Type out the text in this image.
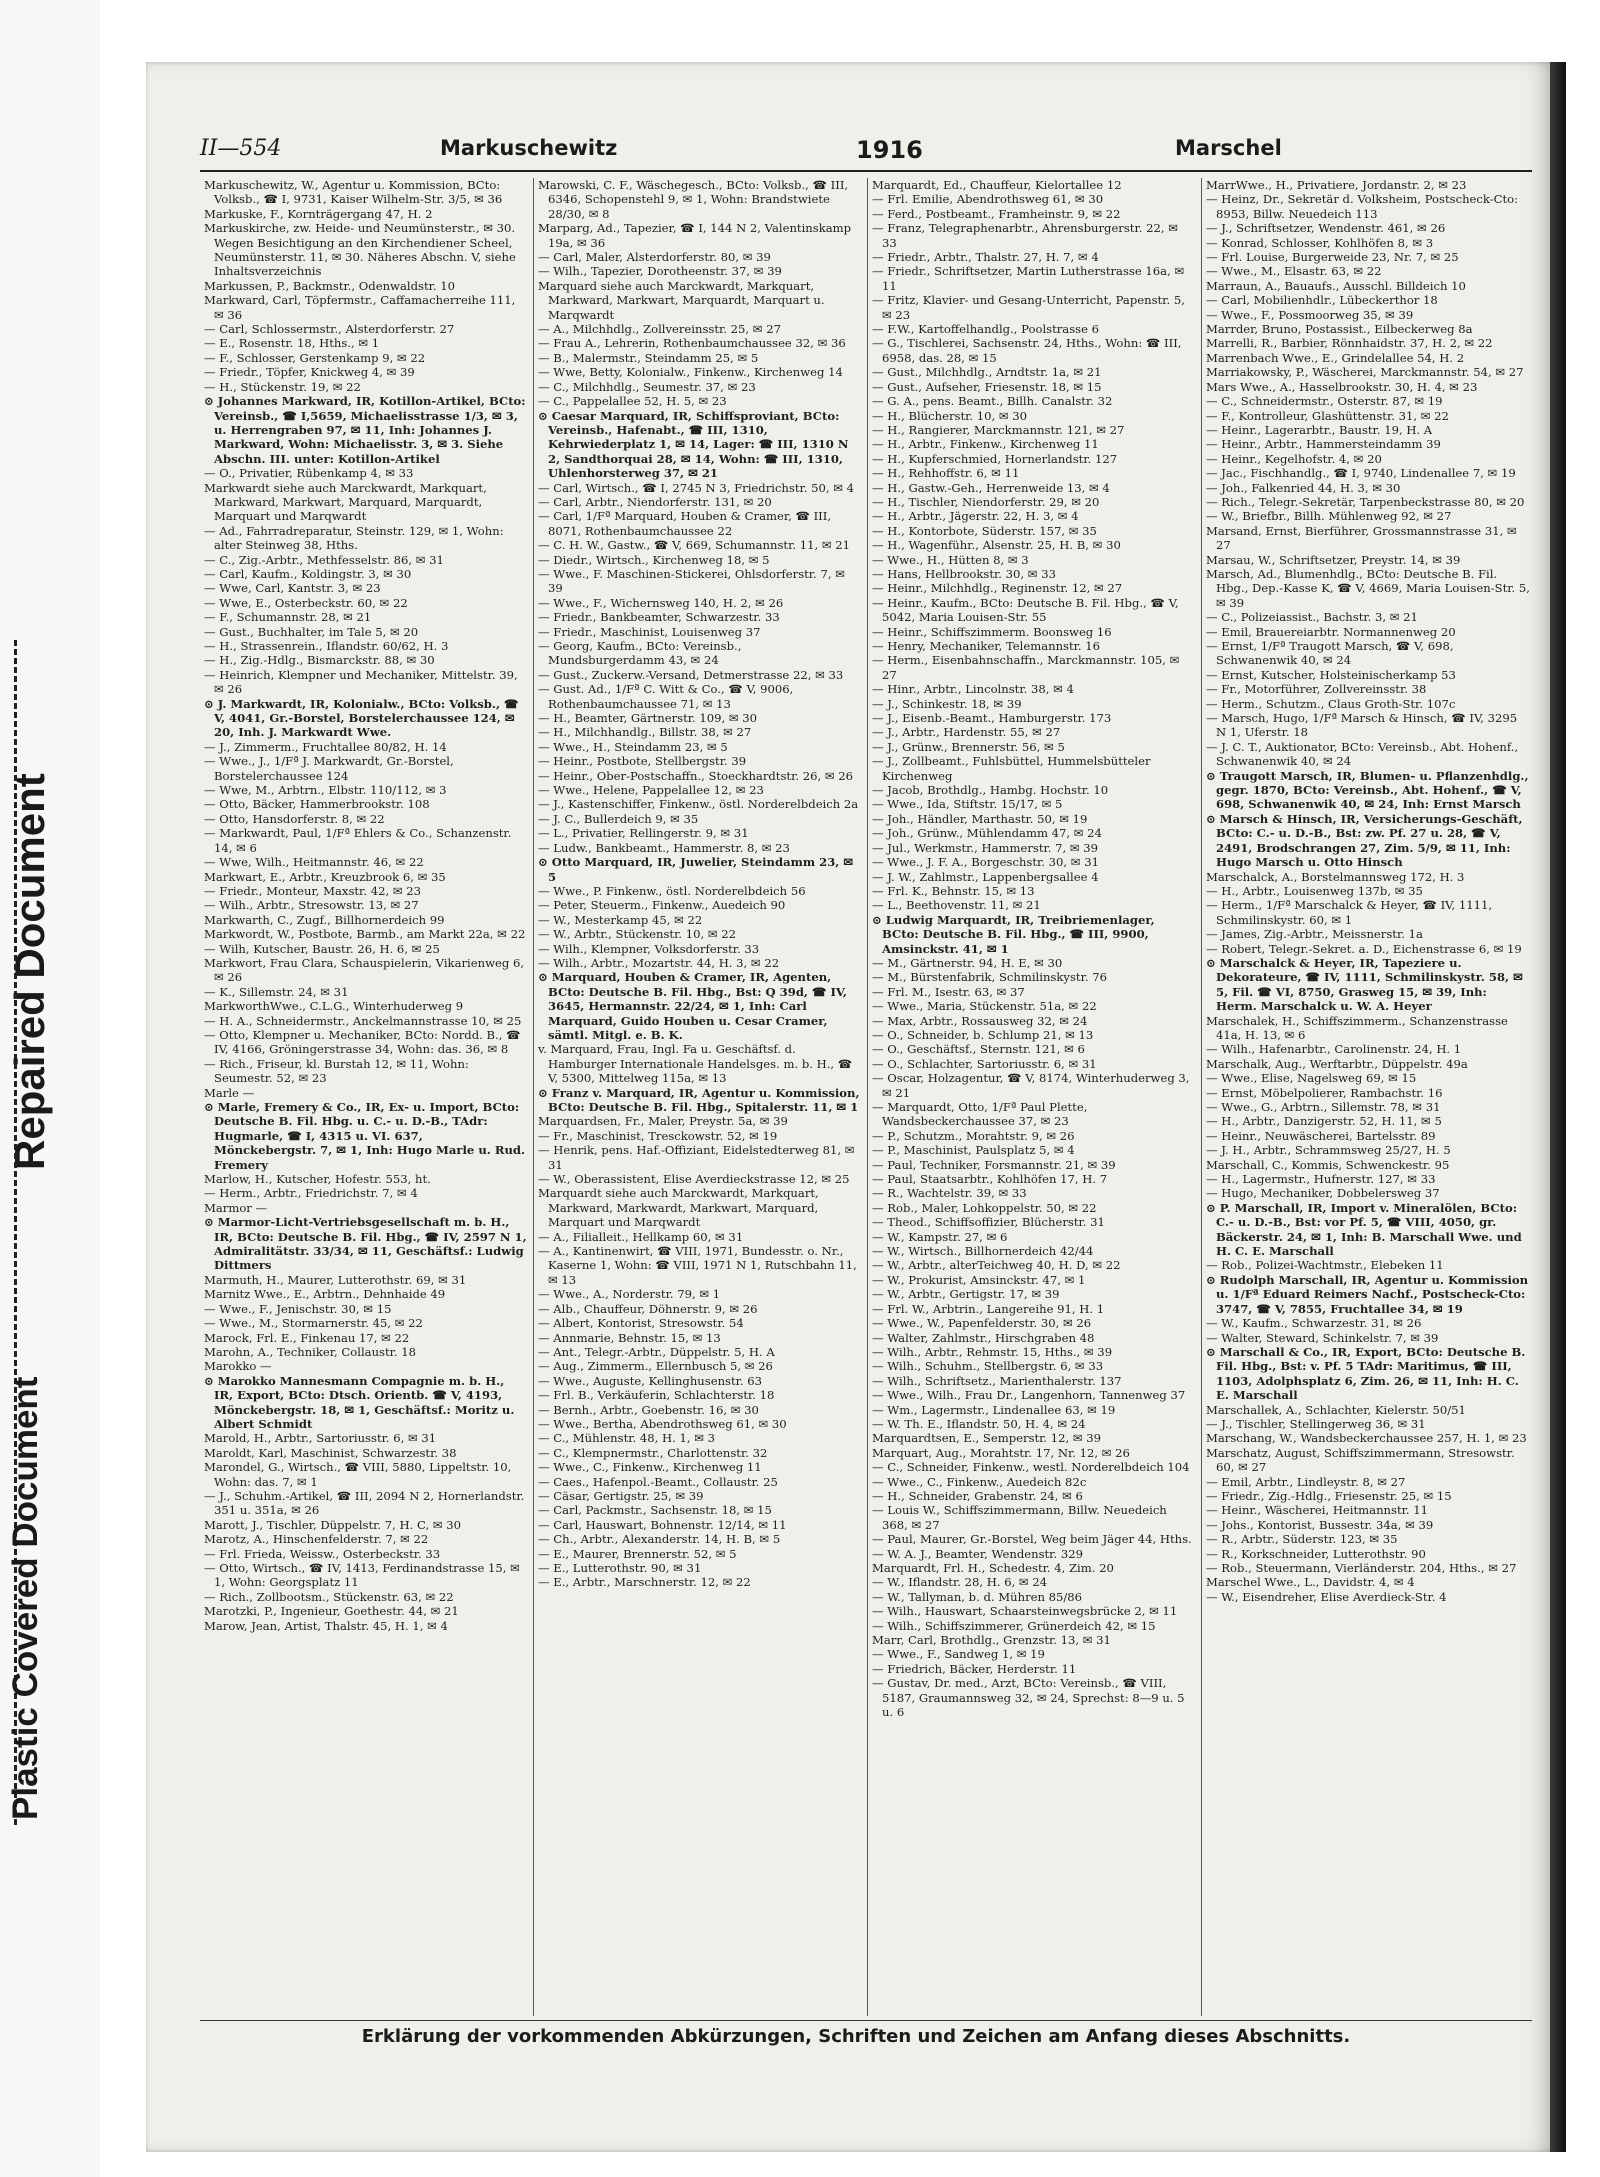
Repaired Document
Plastic Covered Document
II—554	Markuschewitz	1916	Marschel

Markuschewitz, W., Agentur u. Kommission, BCto: Volksb., ☎ I, 9731, Kaiser Wilhelm-Str. 3/5, ✉ 36

Markuske, F., Kornträgergang 47, H. 2

Markuskirche, zw. Heide- und Neumünsterstr., ✉ 30. Wegen Besichtigung an den Kirchendiener Scheel, Neumünsterstr. 11, ✉ 30. Näheres Abschn. V, siehe Inhaltsverzeichnis

Markussen, P., Backmstr., Odenwaldstr. 10

Markward, Carl, Töpfermstr., Caffamacherreihe 111, ✉ 36

— Carl, Schlossermstr., Alsterdorferstr. 27

— E., Rosenstr. 18, Hths., ✉ 1

— F., Schlosser, Gerstenkamp 9, ✉ 22

— Friedr., Töpfer, Knickweg 4, ✉ 39

— H., Stückenstr. 19, ✉ 22

⊙ Johannes Markward, IR, Kotillon-Artikel, BCto: Vereinsb., ☎ I,5659, Michaelisstrasse 1/3, ✉ 3, u. Herrengraben 97, ✉ 11, Inh: Johannes J. Markward, Wohn: Michaelisstr. 3, ✉ 3. Siehe Abschn. III. unter: Kotillon-Artikel

— O., Privatier, Rübenkamp 4, ✉ 33

Markwardt siehe auch Marckwardt, Markquart, Markward, Markwart, Marquard, Marquardt, Marquart und Marqwardt

— Ad., Fahrradreparatur, Steinstr. 129, ✉ 1, Wohn: alter Steinweg 38, Hths.

— C., Zig.-Arbtr., Methfesselstr. 86, ✉ 31

— Carl, Kaufm., Koldingstr. 3, ✉ 30

— Wwe, Carl, Kantstr. 3, ✉ 23

— Wwe, E., Osterbeckstr. 60, ✉ 22

— F., Schumannstr. 28, ✉ 21

— Gust., Buchhalter, im Tale 5, ✉ 20

— H., Strassenrein., Iflandstr. 60/62, H. 3

— H., Zig.-Hdlg., Bismarckstr. 88, ✉ 30

— Heinrich, Klempner und Mechaniker, Mittelstr. 39, ✉ 26

⊙ J. Markwardt, IR, Kolonialw., BCto: Volksb., ☎ V, 4041, Gr.-Borstel, Borstelerchaussee 124, ✉ 20, Inh. J. Markwardt Wwe.

— J., Zimmerm., Fruchtallee 80/82, H. 14

— Wwe., J., 1/Fª J. Markwardt, Gr.-Borstel, Borstelerchaussee 124

— Wwe, M., Arbtrn., Elbstr. 110/112, ✉ 3

— Otto, Bäcker, Hammerbrookstr. 108

— Otto, Hansdorferstr. 8, ✉ 22

— Markwardt, Paul, 1/Fª Ehlers & Co., Schanzenstr. 14, ✉ 6

— Wwe, Wilh., Heitmannstr. 46, ✉ 22

Markwart, E., Arbtr., Kreuzbrook 6, ✉ 35

— Friedr., Monteur, Maxstr. 42, ✉ 23

— Wilh., Arbtr., Stresowstr. 13, ✉ 27

Markwarth, C., Zugf., Billhornerdeich 99

Markwordt, W., Postbote, Barmb., am Markt 22a, ✉ 22

— Wilh, Kutscher, Baustr. 26, H. 6, ✉ 25

Markwort, Frau Clara, Schauspielerin, Vikarienweg 6, ✉ 26

— K., Sillemstr. 24, ✉ 31

MarkworthWwe., C.L.G., Winterhuderweg 9

— H. A., Schneidermstr., Anckelmannstrasse 10, ✉ 25

— Otto, Klempner u. Mechaniker, BCto: Nordd. B., ☎ IV, 4166, Gröningerstrasse 34, Wohn: das. 36, ✉ 8

— Rich., Friseur, kl. Burstah 12, ✉ 11, Wohn: Seumestr. 52, ✉ 23

Marle —

⊙ Marle, Fremery & Co., IR, Ex- u. Import, BCto: Deutsche B. Fil. Hbg. u. C.- u. D.-B., TAdr: Hugmarle, ☎ I, 4315 u. VI. 637, Mönckebergstr. 7, ✉ 1, Inh: Hugo Marle u. Rud. Fremery

Marlow, H., Kutscher, Hofestr. 553, ht.

— Herm., Arbtr., Friedrichstr. 7, ✉ 4

Marmor —

⊙ Marmor-Licht-Vertriebsgesellschaft m. b. H., IR, BCto: Deutsche B. Fil. Hbg., ☎ IV, 2597 N 1, Admiralitätstr. 33/34, ✉ 11, Geschäftsf.: Ludwig Dittmers

Marmuth, H., Maurer, Lutterothstr. 69, ✉ 31

Marnitz Wwe., E., Arbtrn., Dehnhaide 49

— Wwe., F., Jenischstr. 30, ✉ 15

— Wwe., M., Stormarnerstr. 45, ✉ 22

Marock, Frl. E., Finkenau 17, ✉ 22

Marohn, A., Techniker, Collaustr. 18

Marokko —

⊙ Marokko Mannesmann Compagnie m. b. H., IR, Export, BCto: Dtsch. Orientb. ☎ V, 4193, Mönckebergstr. 18, ✉ 1, Geschäftsf.: Moritz u. Albert Schmidt

Marold, H., Arbtr., Sartoriusstr. 6, ✉ 31

Maroldt, Karl, Maschinist, Schwarzestr. 38

Marondel, G., Wirtsch., ☎ VIII, 5880, Lippeltstr. 10, Wohn: das. 7, ✉ 1

— J., Schuhm.-Artikel, ☎ III, 2094 N 2, Hornerlandstr. 351 u. 351a, ✉ 26

Marott, J., Tischler, Düppelstr. 7, H. C, ✉ 30

Marotz, A., Hinschenfelderstr. 7, ✉ 22

— Frl. Frieda, Weissw., Osterbeckstr. 33

— Otto, Wirtsch., ☎ IV, 1413, Ferdinandstrasse 15, ✉ 1, Wohn: Georgsplatz 11

— Rich., Zollbootsm., Stückenstr. 63, ✉ 22

Marotzki, P., Ingenieur, Goethestr. 44, ✉ 21

Marow, Jean, Artist, Thalstr. 45, H. 1, ✉ 4

Marowski, C. F., Wäschegesch., BCto: Volksb., ☎ III, 6346, Schopenstehl 9, ✉ 1, Wohn: Brandstwiete 28/30, ✉ 8

Marparg, Ad., Tapezier, ☎ I, 144 N 2, Valentinskamp 19a, ✉ 36

— Carl, Maler, Alsterdorferstr. 80, ✉ 39

— Wilh., Tapezier, Dorotheenstr. 37, ✉ 39

Marquard siehe auch Marckwardt, Markquart, Markward, Markwart, Marquardt, Marquart u. Marqwardt

— A., Milchhdlg., Zollvereinsstr. 25, ✉ 27

— Frau A., Lehrerin, Rothenbaumchaussee 32, ✉ 36

— B., Malermstr., Steindamm 25, ✉ 5

— Wwe, Betty, Kolonialw., Finkenw., Kirchenweg 14

— C., Milchhdlg., Seumestr. 37, ✉ 23

— C., Pappelallee 52, H. 5, ✉ 23

⊙ Caesar Marquard, IR, Schiffsproviant, BCto: Vereinsb., Hafenabt., ☎ III, 1310, Kehrwiederplatz 1, ✉ 14, Lager: ☎ III, 1310 N 2, Sandthorquai 28, ✉ 14, Wohn: ☎ III, 1310, Uhlenhorsterweg 37, ✉ 21

— Carl, Wirtsch., ☎ I, 2745 N 3, Friedrichstr. 50, ✉ 4

— Carl, Arbtr., Niendorferstr. 131, ✉ 20

— Carl, 1/Fª Marquard, Houben & Cramer, ☎ III, 8071, Rothenbaumchaussee 22

— C. H. W., Gastw., ☎ V, 669, Schumannstr. 11, ✉ 21

— Diedr., Wirtsch., Kirchenweg 18, ✉ 5

— Wwe., F. Maschinen-Stickerei, Ohlsdorferstr. 7, ✉ 39

— Wwe., F., Wichernsweg 140, H. 2, ✉ 26

— Friedr., Bankbeamter, Schwarzestr. 33

— Friedr., Maschinist, Louisenweg 37

— Georg, Kaufm., BCto: Vereinsb., Mundsburgerdamm 43, ✉ 24

— Gust., Zuckerw.-Versand, Detmerstrasse 22, ✉ 33

— Gust. Ad., 1/Fª C. Witt & Co., ☎ V, 9006, Rothenbaumchaussee 71, ✉ 13

— H., Beamter, Gärtnerstr. 109, ✉ 30

— H., Milchhandlg., Billstr. 38, ✉ 27

— Wwe., H., Steindamm 23, ✉ 5

— Heinr., Postbote, Stellbergstr. 39

— Heinr., Ober-Postschaffn., Stoeckhardtstr. 26, ✉ 26

— Wwe., Helene, Pappelallee 12, ✉ 23

— J., Kastenschiffer, Finkenw., östl. Norderelbdeich 2a

— J. C., Bullerdeich 9, ✉ 35

— L., Privatier, Rellingerstr. 9, ✉ 31

— Ludw., Bankbeamt., Hammerstr. 8, ✉ 23

⊙ Otto Marquard, IR, Juwelier, Steindamm 23, ✉ 5

— Wwe., P. Finkenw., östl. Norderelbdeich 56

— Peter, Steuerm., Finkenw., Auedeich 90

— W., Mesterkamp 45, ✉ 22

— W., Arbtr., Stückenstr. 10, ✉ 22

— Wilh., Klempner, Volksdorferstr. 33

— Wilh., Arbtr., Mozartstr. 44, H. 3, ✉ 22

⊙ Marquard, Houben & Cramer, IR, Agenten, BCto: Deutsche B. Fil. Hbg., Bst: Q 39d, ☎ IV, 3645, Hermannstr. 22/24, ✉ 1, Inh: Carl Marquard, Guido Houben u. Cesar Cramer, sämtl. Mitgl. e. B. K.

v. Marquard, Frau, Ingl. Fa u. Geschäftsf. d. Hamburger Internationale Handelsges. m. b. H., ☎ V, 5300, Mittelweg 115a, ✉ 13

⊙ Franz v. Marquard, IR, Agentur u. Kommission, BCto: Deutsche B. Fil. Hbg., Spitalerstr. 11, ✉ 1

Marquardsen, Fr., Maler, Preystr. 5a, ✉ 39

— Fr., Maschinist, Tresckowstr. 52, ✉ 19

— Henrik, pens. Haf.-Offiziant, Eidelstedterweg 81, ✉ 31

— W., Oberassistent, Elise Averdieckstrasse 12, ✉ 25

Marquardt siehe auch Marckwardt, Markquart, Markward, Markwardt, Markwart, Marquard, Marquart und Marqwardt

— A., Filialleit., Hellkamp 60, ✉ 31

— A., Kantinenwirt, ☎ VIII, 1971, Bundesstr. o. Nr., Kaserne 1, Wohn: ☎ VIII, 1971 N 1, Rutschbahn 11, ✉ 13

— Wwe., A., Norderstr. 79, ✉ 1

— Alb., Chauffeur, Döhnerstr. 9, ✉ 26

— Albert, Kontorist, Stresowstr. 54

— Annmarie, Behnstr. 15, ✉ 13

— Ant., Telegr.-Arbtr., Düppelstr. 5, H. A

— Aug., Zimmerm., Ellernbusch 5, ✉ 26

— Wwe., Auguste, Kellinghusenstr. 63

— Frl. B., Verkäuferin, Schlachterstr. 18

— Bernh., Arbtr., Goebenstr. 16, ✉ 30

— Wwe., Bertha, Abendrothsweg 61, ✉ 30

— C., Mühlenstr. 48, H. 1, ✉ 3

— C., Klempnermstr., Charlottenstr. 32

— Wwe., C., Finkenw., Kirchenweg 11

— Caes., Hafenpol.-Beamt., Collaustr. 25

— Cäsar, Gertigstr. 25, ✉ 39

— Carl, Packmstr., Sachsenstr. 18, ✉ 15

— Carl, Hauswart, Bohnenstr. 12/14, ✉ 11

— Ch., Arbtr., Alexanderstr. 14, H. B, ✉ 5

— E., Maurer, Brennerstr. 52, ✉ 5

— E., Lutterothstr. 90, ✉ 31

— E., Arbtr., Marschnerstr. 12, ✉ 22

Marquardt, Ed., Chauffeur, Kielortallee 12

— Frl. Emilie, Abendrothsweg 61, ✉ 30

— Ferd., Postbeamt., Framheinstr. 9, ✉ 22

— Franz, Telegraphenarbtr., Ahrensburgerstr. 22, ✉ 33

— Friedr., Arbtr., Thalstr. 27, H. 7, ✉ 4

— Friedr., Schriftsetzer, Martin Lutherstrasse 16a, ✉ 11

— Fritz, Klavier- und Gesang-Unterricht, Papenstr. 5, ✉ 23

— F.W., Kartoffelhandlg., Poolstrasse 6

— G., Tischlerei, Sachsenstr. 24, Hths., Wohn: ☎ III, 6958, das. 28, ✉ 15

— Gust., Milchhdlg., Arndtstr. 1a, ✉ 21

— Gust., Aufseher, Friesenstr. 18, ✉ 15

— G. A., pens. Beamt., Billh. Canalstr. 32

— H., Blücherstr. 10, ✉ 30

— H., Rangierer, Marckmannstr. 121, ✉ 27

— H., Arbtr., Finkenw., Kirchenweg 11

— H., Kupferschmied, Hornerlandstr. 127

— H., Rehhoffstr. 6, ✉ 11

— H., Gastw.-Geh., Herrenweide 13, ✉ 4

— H., Tischler, Niendorferstr. 29, ✉ 20

— H., Arbtr., Jägerstr. 22, H. 3, ✉ 4

— H., Kontorbote, Süderstr. 157, ✉ 35

— H., Wagenführ., Alsenstr. 25, H. B, ✉ 30

— Wwe., H., Hütten 8, ✉ 3

— Hans, Hellbrookstr. 30, ✉ 33

— Heinr., Milchhdlg., Reginenstr. 12, ✉ 27

— Heinr., Kaufm., BCto: Deutsche B. Fil. Hbg., ☎ V, 5042, Maria Louisen-Str. 55

— Heinr., Schiffszimmerm. Boonsweg 16

— Henry, Mechaniker, Telemannstr. 16

— Herm., Eisenbahnschaffn., Marckmannstr. 105, ✉ 27

— Hinr., Arbtr., Lincolnstr. 38, ✉ 4

— J., Schinkestr. 18, ✉ 39

— J., Eisenb.-Beamt., Hamburgerstr. 173

— J., Arbtr., Hardenstr. 55, ✉ 27

— J., Grünw., Brennerstr. 56, ✉ 5

— J., Zollbeamt., Fuhlsbüttel, Hummelsbütteler Kirchenweg

— Jacob, Brothdlg., Hambg. Hochstr. 10

— Wwe., Ida, Stiftstr. 15/17, ✉ 5

— Joh., Händler, Marthastr. 50, ✉ 19

— Joh., Grünw., Mühlendamm 47, ✉ 24

— Jul., Werkmstr., Hammerstr. 7, ✉ 39

— Wwe., J. F. A., Borgeschstr. 30, ✉ 31

— J. W., Zahlmstr., Lappenbergsallee 4

— Frl. K., Behnstr. 15, ✉ 13

— L., Beethovenstr. 11, ✉ 21

⊙ Ludwig Marquardt, IR, Treibriemenlager, BCto: Deutsche B. Fil. Hbg., ☎ III, 9900, Amsinckstr. 41, ✉ 1

— M., Gärtnerstr. 94, H. E, ✉ 30

— M., Bürstenfabrik, Schmilinskystr. 76

— Frl. M., Isestr. 63, ✉ 37

— Wwe., Maria, Stückenstr. 51a, ✉ 22

— Max, Arbtr., Rossausweg 32, ✉ 24

— O., Schneider, b. Schlump 21, ✉ 13

— O., Geschäftsf., Sternstr. 121, ✉ 6

— O., Schlachter, Sartoriusstr. 6, ✉ 31

— Oscar, Holzagentur, ☎ V, 8174, Winterhuderweg 3, ✉ 21

— Marquardt, Otto, 1/Fª Paul Plette, Wandsbeckerchaussee 37, ✉ 23

— P., Schutzm., Morahtstr. 9, ✉ 26

— P., Maschinist, Paulsplatz 5, ✉ 4

— Paul, Techniker, Forsmannstr. 21, ✉ 39

— Paul, Staatsarbtr., Kohlhöfen 17, H. 7

— R., Wachtelstr. 39, ✉ 33

— Rob., Maler, Lohkoppelstr. 50, ✉ 22

— Theod., Schiffsoffizier, Blücherstr. 31

— W., Kampstr. 27, ✉ 6

— W., Wirtsch., Billhornerdeich 42/44

— W., Arbtr., alterTeichweg 40, H. D, ✉ 22

— W., Prokurist, Amsinckstr. 47, ✉ 1

— W., Arbtr., Gertigstr. 17, ✉ 39

— Frl. W., Arbtrin., Langereihe 91, H. 1

— Wwe., W., Papenfelderstr. 30, ✉ 26

— Walter, Zahlmstr., Hirschgraben 48

— Wilh., Arbtr., Rehmstr. 15, Hths., ✉ 39

— Wilh., Schuhm., Stellbergstr. 6, ✉ 33

— Wilh., Schriftsetz., Marienthalerstr. 137

— Wwe., Wilh., Frau Dr., Langenhorn, Tannenweg 37

— Wm., Lagermstr., Lindenallee 63, ✉ 19

— W. Th. E., Iflandstr. 50, H. 4, ✉ 24

Marquardtsen, E., Semperstr. 12, ✉ 39

Marquart, Aug., Morahtstr. 17, Nr. 12, ✉ 26

— C., Schneider, Finkenw., westl. Norderelbdeich 104

— Wwe., C., Finkenw., Auedeich 82c

— H., Schneider, Grabenstr. 24, ✉ 6

— Louis W., Schiffszimmermann, Billw. Neuedeich 368, ✉ 27

— Paul, Maurer, Gr.-Borstel, Weg beim Jäger 44, Hths.

— W. A. J., Beamter, Wendenstr. 329

Marquardt, Frl. H., Schedestr. 4, Zim. 20

— W., Iflandstr. 28, H. 6, ✉ 24

— W., Tallyman, b. d. Mühren 85/86

— Wilh., Hauswart, Schaarsteinwegsbrücke 2, ✉ 11

— Wilh., Schiffszimmerer, Grünerdeich 42, ✉ 15

Marr, Carl, Brothdlg., Grenzstr. 13, ✉ 31

— Wwe., F., Sandweg 1, ✉ 19

— Friedrich, Bäcker, Herderstr. 11

— Gustav, Dr. med., Arzt, BCto: Vereinsb., ☎ VIII, 5187, Graumannsweg 32, ✉ 24, Sprechst: 8—9 u. 5 u. 6

MarrWwe., H., Privatiere, Jordanstr. 2, ✉ 23

— Heinz, Dr., Sekretär d. Volksheim, Postscheck-Cto: 8953, Billw. Neuedeich 113

— J., Schriftsetzer, Wendenstr. 461, ✉ 26

— Konrad, Schlosser, Kohlhöfen 8, ✉ 3

— Frl. Louise, Burgerweide 23, Nr. 7, ✉ 25

— Wwe., M., Elsastr. 63, ✉ 22

Marraun, A., Bauaufs., Ausschl. Billdeich 10

— Carl, Mobilienhdlr., Lübeckerthor 18

— Wwe., F., Possmoorweg 35, ✉ 39

Marrder, Bruno, Postassist., Eilbeckerweg 8a

Marrelli, R., Barbier, Rönnhaidstr. 37, H. 2, ✉ 22

Marrenbach Wwe., E., Grindelallee 54, H. 2

Marriakowsky, P., Wäscherei, Marckmannstr. 54, ✉ 27

Mars Wwe., A., Hasselbrookstr. 30, H. 4, ✉ 23

— C., Schneidermstr., Osterstr. 87, ✉ 19

— F., Kontrolleur, Glashüttenstr. 31, ✉ 22

— Heinr., Lagerarbtr., Baustr. 19, H. A

— Heinr., Arbtr., Hammersteindamm 39

— Heinr., Kegelhofstr. 4, ✉ 20

— Jac., Fischhandlg., ☎ I, 9740, Lindenallee 7, ✉ 19

— Joh., Falkenried 44, H. 3, ✉ 30

— Rich., Telegr.-Sekretär, Tarpenbeckstrasse 80, ✉ 20

— W., Briefbr., Billh. Mühlenweg 92, ✉ 27

Marsand, Ernst, Bierführer, Grossmannstrasse 31, ✉ 27

Marsau, W., Schriftsetzer, Preystr. 14, ✉ 39

Marsch, Ad., Blumenhdlg., BCto: Deutsche B. Fil. Hbg., Dep.-Kasse K, ☎ V, 4669, Maria Louisen-Str. 5, ✉ 39

— C., Polizeiassist., Bachstr. 3, ✉ 21

— Emil, Brauereiarbtr. Normannenweg 20

— Ernst, 1/Fª Traugott Marsch, ☎ V, 698, Schwanenwik 40, ✉ 24

— Ernst, Kutscher, Holsteinischerkamp 53

— Fr., Motorführer, Zollvereinsstr. 38

— Herm., Schutzm., Claus Groth-Str. 107c

— Marsch, Hugo, 1/Fª Marsch & Hinsch, ☎ IV, 3295 N 1, Uferstr. 18

— J. C. T., Auktionator, BCto: Vereinsb., Abt. Hohenf., Schwanenwik 40, ✉ 24

⊙ Traugott Marsch, IR, Blumen- u. Pflanzenhdlg., gegr. 1870, BCto: Vereinsb., Abt. Hohenf., ☎ V, 698, Schwanenwik 40, ✉ 24, Inh: Ernst Marsch

⊙ Marsch & Hinsch, IR, Versicherungs-Geschäft, BCto: C.- u. D.-B., Bst: zw. Pf. 27 u. 28, ☎ V, 2491, Brodschrangen 27, Zim. 5/9, ✉ 11, Inh: Hugo Marsch u. Otto Hinsch

Marschalck, A., Borstelmannsweg 172, H. 3

— H., Arbtr., Louisenweg 137b, ✉ 35

— Herm., 1/Fª Marschalck & Heyer, ☎ IV, 1111, Schmilinskystr. 60, ✉ 1

— James, Zig.-Arbtr., Meissnerstr. 1a

— Robert, Telegr.-Sekret. a. D., Eichenstrasse 6, ✉ 19

⊙ Marschalck & Heyer, IR, Tapeziere u. Dekorateure, ☎ IV, 1111, Schmilinskystr. 58, ✉ 5, Fil. ☎ VI, 8750, Grasweg 15, ✉ 39, Inh: Herm. Marschalck u. W. A. Heyer

Marschalek, H., Schiffszimmerm., Schanzenstrasse 41a, H. 13, ✉ 6

— Wilh., Hafenarbtr., Carolinenstr. 24, H. 1

Marschalk, Aug., Werftarbtr., Düppelstr. 49a

— Wwe., Elise, Nagelsweg 69, ✉ 15

— Ernst, Möbelpolierer, Rambachstr. 16

— Wwe., G., Arbtrn., Sillemstr. 78, ✉ 31

— H., Arbtr., Danzigerstr. 52, H. 11, ✉ 5

— Heinr., Neuwäscherei, Bartelsstr. 89

— J. H., Arbtr., Schrammsweg 25/27, H. 5

Marschall, C., Kommis, Schwenckestr. 95

— H., Lagermstr., Hufnerstr. 127, ✉ 33

— Hugo, Mechaniker, Dobbelersweg 37

⊙ P. Marschall, IR, Import v. Mineralölen, BCto: C.- u. D.-B., Bst: vor Pf. 5, ☎ VIII, 4050, gr. Bäckerstr. 24, ✉ 1, Inh: B. Marschall Wwe. und H. C. E. Marschall

— Rob., Polizei-Wachtmstr., Elebeken 11

⊙ Rudolph Marschall, IR, Agentur u. Kommission u. 1/Fª Eduard Reimers Nachf., Postscheck-Cto: 3747, ☎ V, 7855, Fruchtallee 34, ✉ 19

— W., Kaufm., Schwarzestr. 31, ✉ 26

— Walter, Steward, Schinkelstr. 7, ✉ 39

⊙ Marschall & Co., IR, Export, BCto: Deutsche B. Fil. Hbg., Bst: v. Pf. 5 TAdr: Maritimus, ☎ III, 1103, Adolphsplatz 6, Zim. 26, ✉ 11, Inh: H. C. E. Marschall

Marschallek, A., Schlachter, Kielerstr. 50/51

— J., Tischler, Stellingerweg 36, ✉ 31

Marschang, W., Wandsbeckerchaussee 257, H. 1, ✉ 23

Marschatz, August, Schiffszimmermann, Stresowstr. 60, ✉ 27

— Emil, Arbtr., Lindleystr. 8, ✉ 27

— Friedr., Zig.-Hdlg., Friesenstr. 25, ✉ 15

— Heinr., Wäscherei, Heitmannstr. 11

— Johs., Kontorist, Bussestr. 34a, ✉ 39

— R., Arbtr., Süderstr. 123, ✉ 35

— R., Korkschneider, Lutterothstr. 90

— Rob., Steuermann, Vierländerstr. 204, Hths., ✉ 27

Marschel Wwe., L., Davidstr. 4, ✉ 4

— W., Eisendreher, Elise Averdieck-Str. 4

Erklärung der vorkommenden Abkürzungen, Schriften und Zeichen am Anfang dieses Abschnitts.
